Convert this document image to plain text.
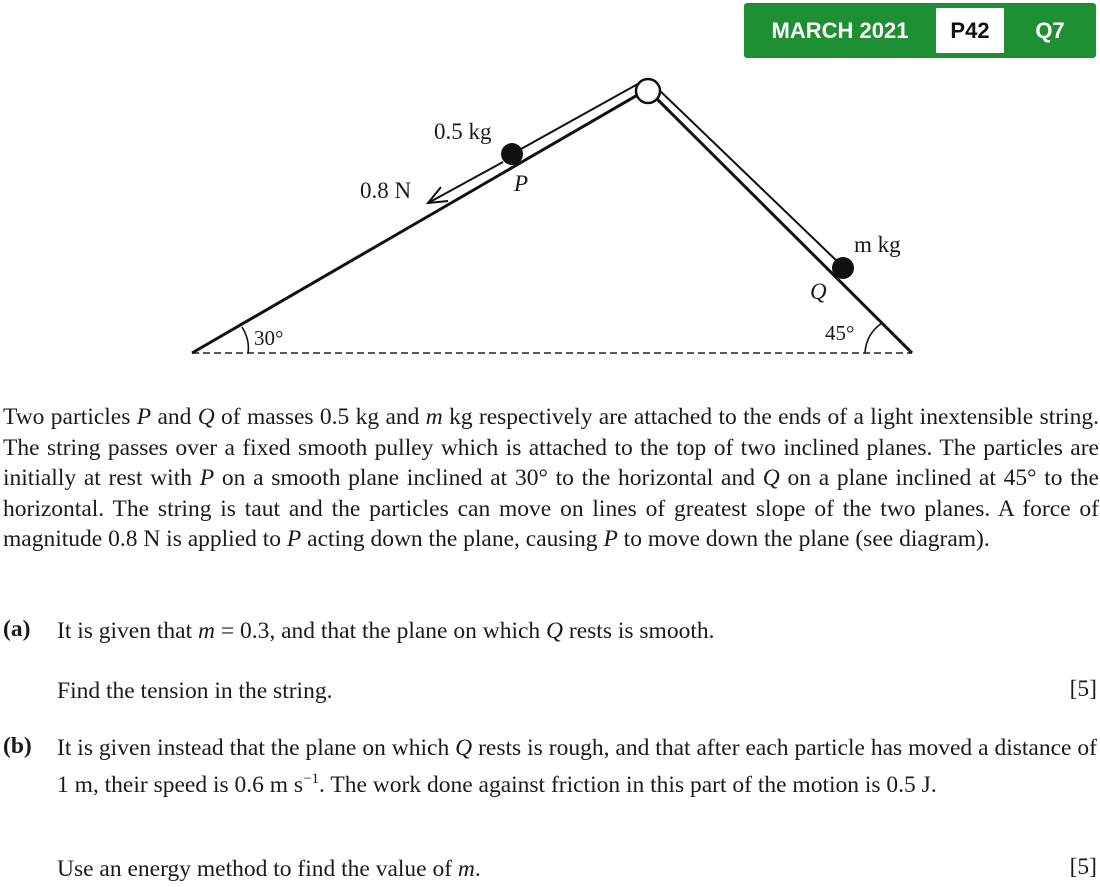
MARCH 2021	P42	Q7
0.5 kg
0.8 N	P
m kg
Q
30°	45°
Two particles P and Q of masses 0.5 kg and m kg respectively are attached to the ends of a light inextensible string. The string passes over a fixed smooth pulley which is attached to the top of two inclined planes. The particles are initially at rest with P on a smooth plane inclined at 30° to the horizontal and Q on a plane inclined at 45° to the horizontal. The string is taut and the particles can move on lines of greatest slope of the two planes. A force of magnitude 0.8 N is applied to P acting down the plane, causing P to move down the plane (see diagram).
(a) It is given that m = 0.3, and that the plane on which Q rests is smooth.
Find the tension in the string.	[5]
(b) It is given instead that the plane on which Q rests is rough, and that after each particle has moved a distance of 1 m, their speed is 0.6 m $s^{-1}$. The work done against friction in this part of the motion is 0.5 J.
Use an energy method to find the value of m.	[5]
